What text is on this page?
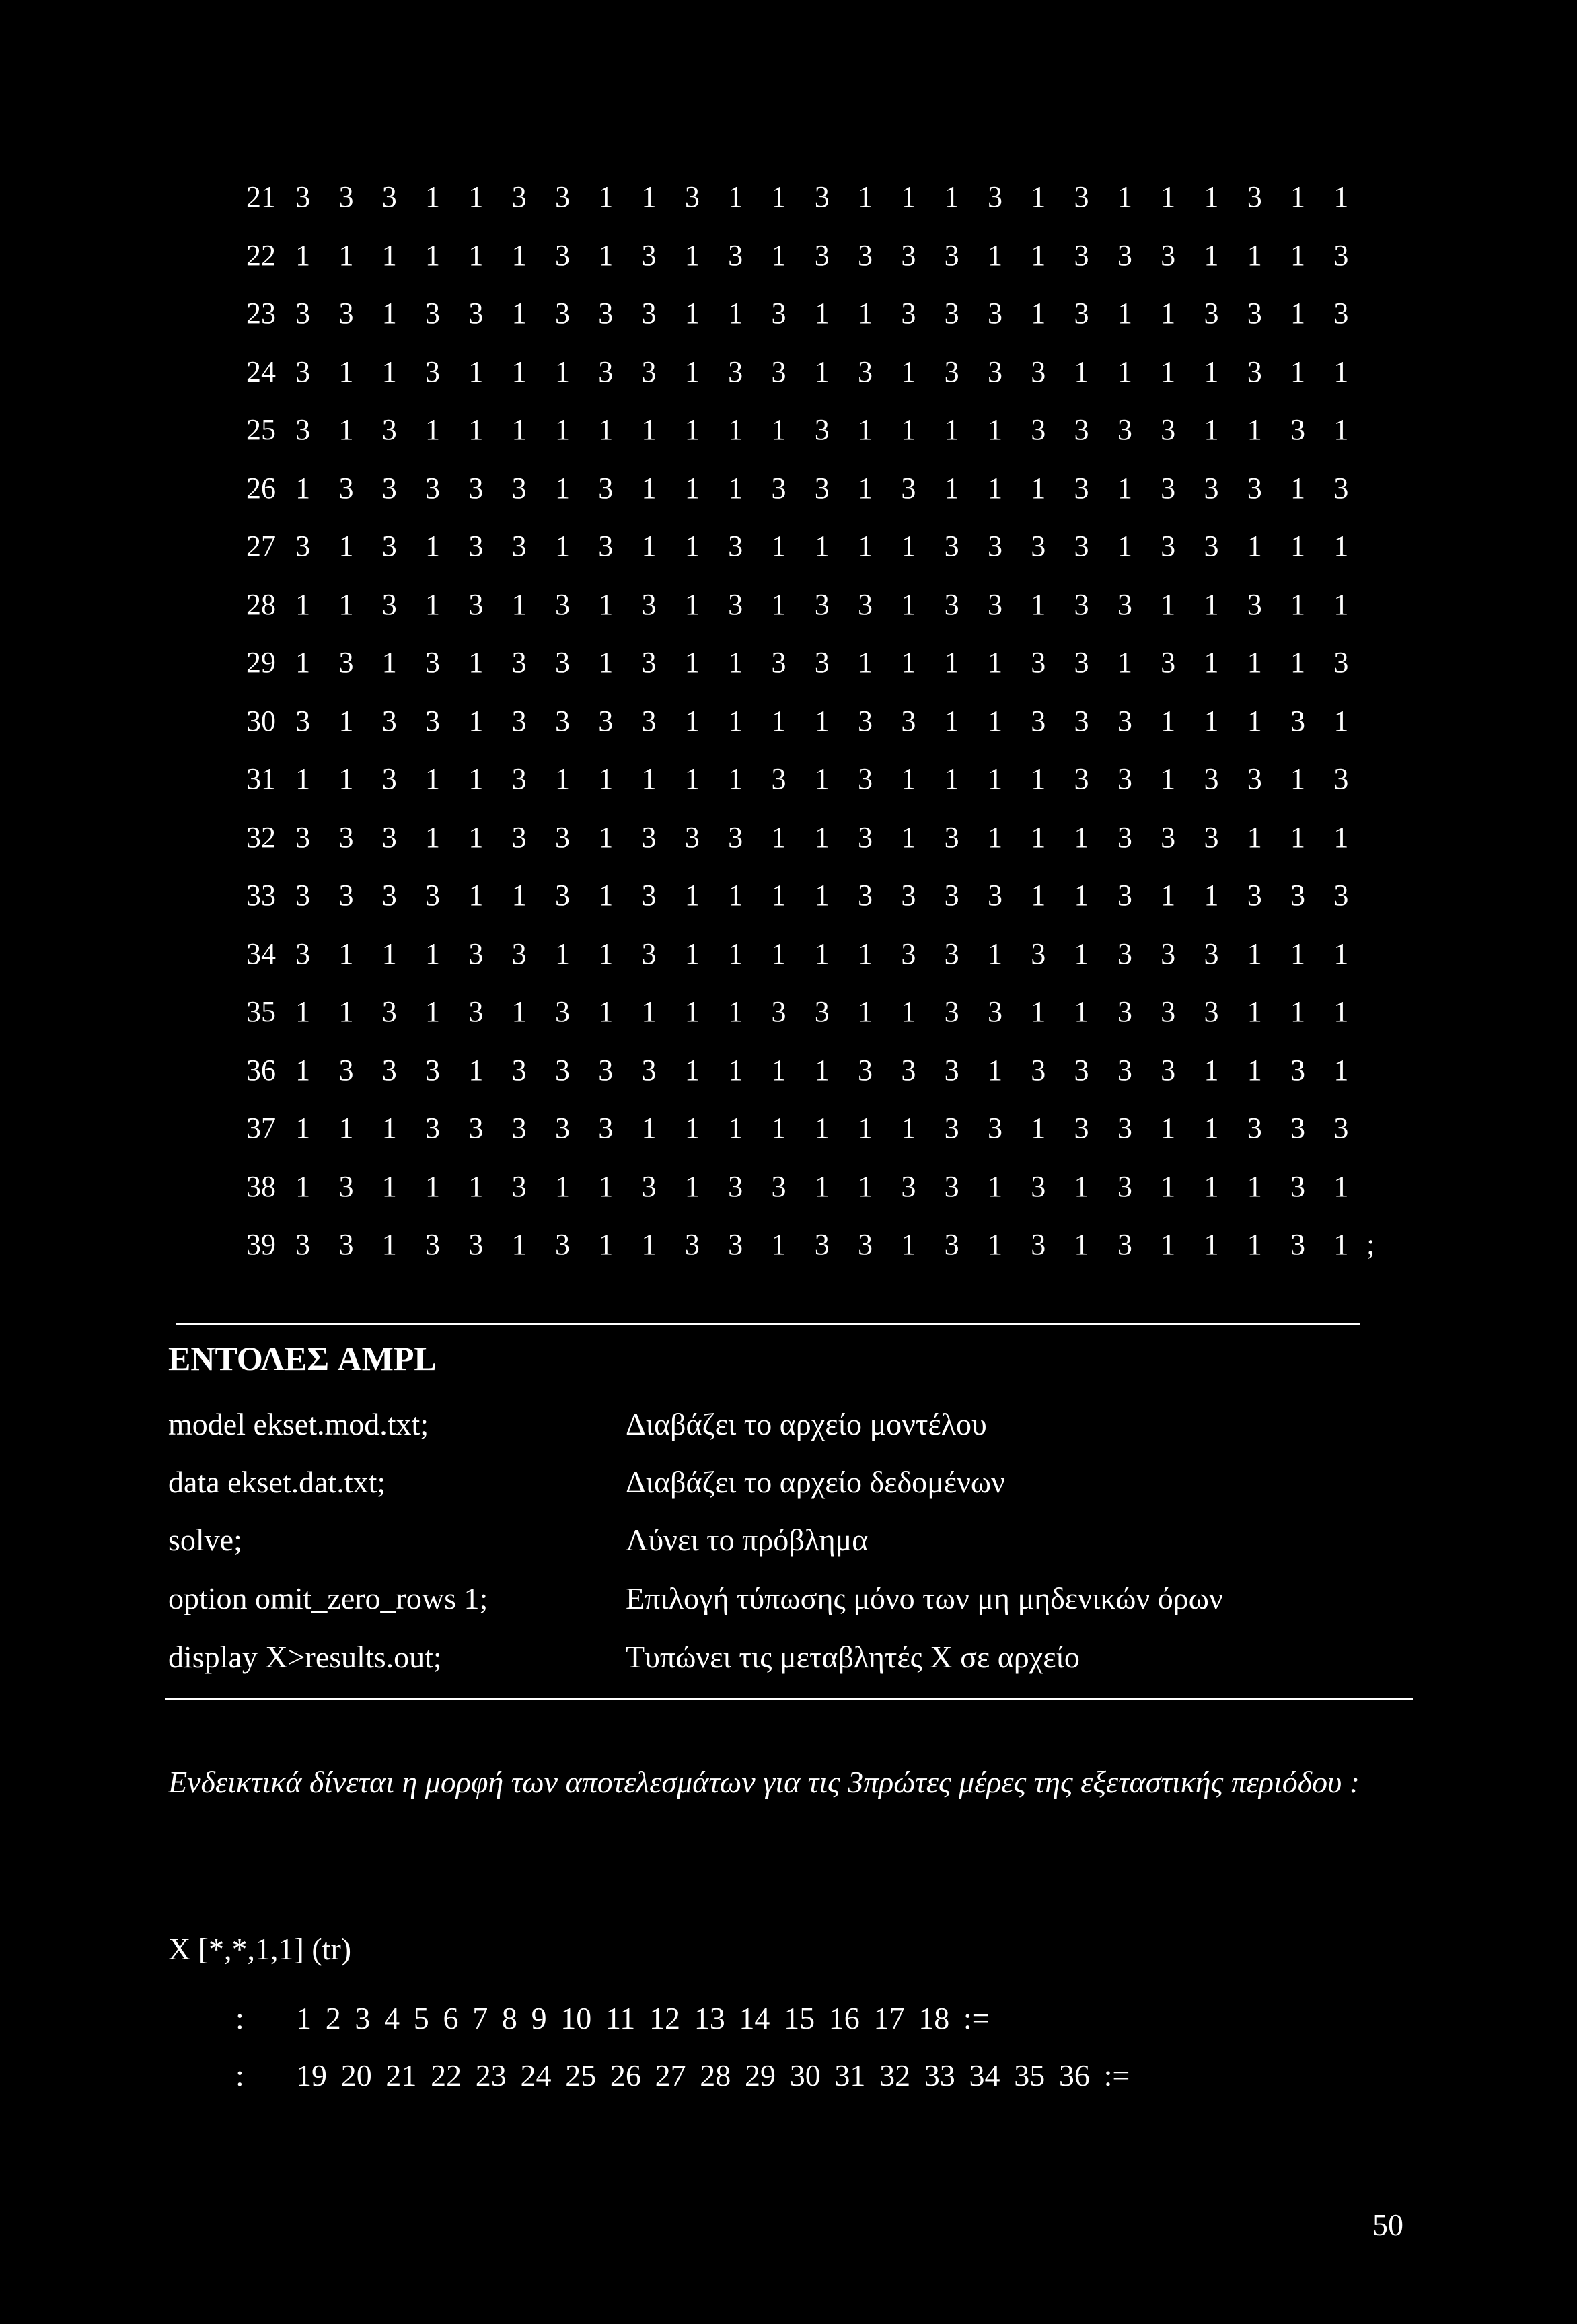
21 3 3 3 1 1 3 3 1 1 3 1 1 3 1 1 1 3 1 3 1 1 1 3 1 1
22 1 1 1 1 1 1 3 1 3 1 3 1 3 3 3 3 1 1 3 3 3 1 1 1 3
23 3 3 1 3 3 1 3 3 3 1 1 3 1 1 3 3 3 1 3 1 1 3 3 1 3
24 3 1 1 3 1 1 1 3 3 1 3 3 1 3 1 3 3 3 1 1 1 1 3 1 1
25 3 1 3 1 1 1 1 1 1 1 1 1 3 1 1 1 1 3 3 3 3 1 1 3 1
26 1 3 3 3 3 3 1 3 1 1 1 3 3 1 3 1 1 1 3 1 3 3 3 1 3
27 3 1 3 1 3 3 1 3 1 1 3 1 1 1 1 3 3 3 3 1 3 3 1 1 1
28 1 1 3 1 3 1 3 1 3 1 3 1 3 3 1 3 3 1 3 3 1 1 3 1 1
29 1 3 1 3 1 3 3 1 3 1 1 3 3 1 1 1 1 3 3 1 3 1 1 1 3
30 3 1 3 3 1 3 3 3 3 1 1 1 1 3 3 1 1 3 3 3 1 1 1 3 1
31 1 1 3 1 1 3 1 1 1 1 1 3 1 3 1 1 1 1 3 3 1 3 3 1 3
32 3 3 3 1 1 3 3 1 3 3 3 1 1 3 1 3 1 1 1 3 3 3 1 1 1
33 3 3 3 3 1 1 3 1 3 1 1 1 1 3 3 3 3 1 1 3 1 1 3 3 3
34 3 1 1 1 3 3 1 1 3 1 1 1 1 1 3 3 1 3 1 3 3 3 1 1 1
35 1 1 3 1 3 1 3 1 1 1 1 3 3 1 1 3 3 1 1 3 3 3 1 1 1
36 1 3 3 3 1 3 3 3 3 1 1 1 1 3 3 3 1 3 3 3 3 1 1 3 1
37 1 1 1 3 3 3 3 3 1 1 1 1 1 1 1 3 3 1 3 3 1 1 3 3 3
38 1 3 1 1 1 3 1 1 3 1 3 3 1 1 3 3 1 3 1 3 1 1 1 3 1
39 3 3 1 3 3 1 3 1 1 3 3 1 3 3 1 3 1 3 1 3 1 1 1 3 1 ;
ΕΝΤΟΛΕΣ AMPL
model ekset.mod.txt;	Διαβάζει το αρχείο μοντέλου
data ekset.dat.txt;	Διαβάζει το αρχείο δεδομένων
solve;	Λύνει το πρόβλημα
option omit_zero_rows 1;	Επιλογή τύπωσης μόνο των μη μηδενικών όρων
display X>results.out;	Τυπώνει τις μεταβλητές X σε αρχείο
Ενδεικτικά δίνεται η μορφή των αποτελεσμάτων για τις 3πρώτες μέρες της εξεταστικής περιόδου :
X [*,*,1,1] (tr)
: 1 2 3 4 5 6 7 8 9 10 11 12 13 14 15 16 17 18 :=
: 19 20 21 22 23 24 25 26 27 28 29 30 31 32 33 34 35 36 :=
50
